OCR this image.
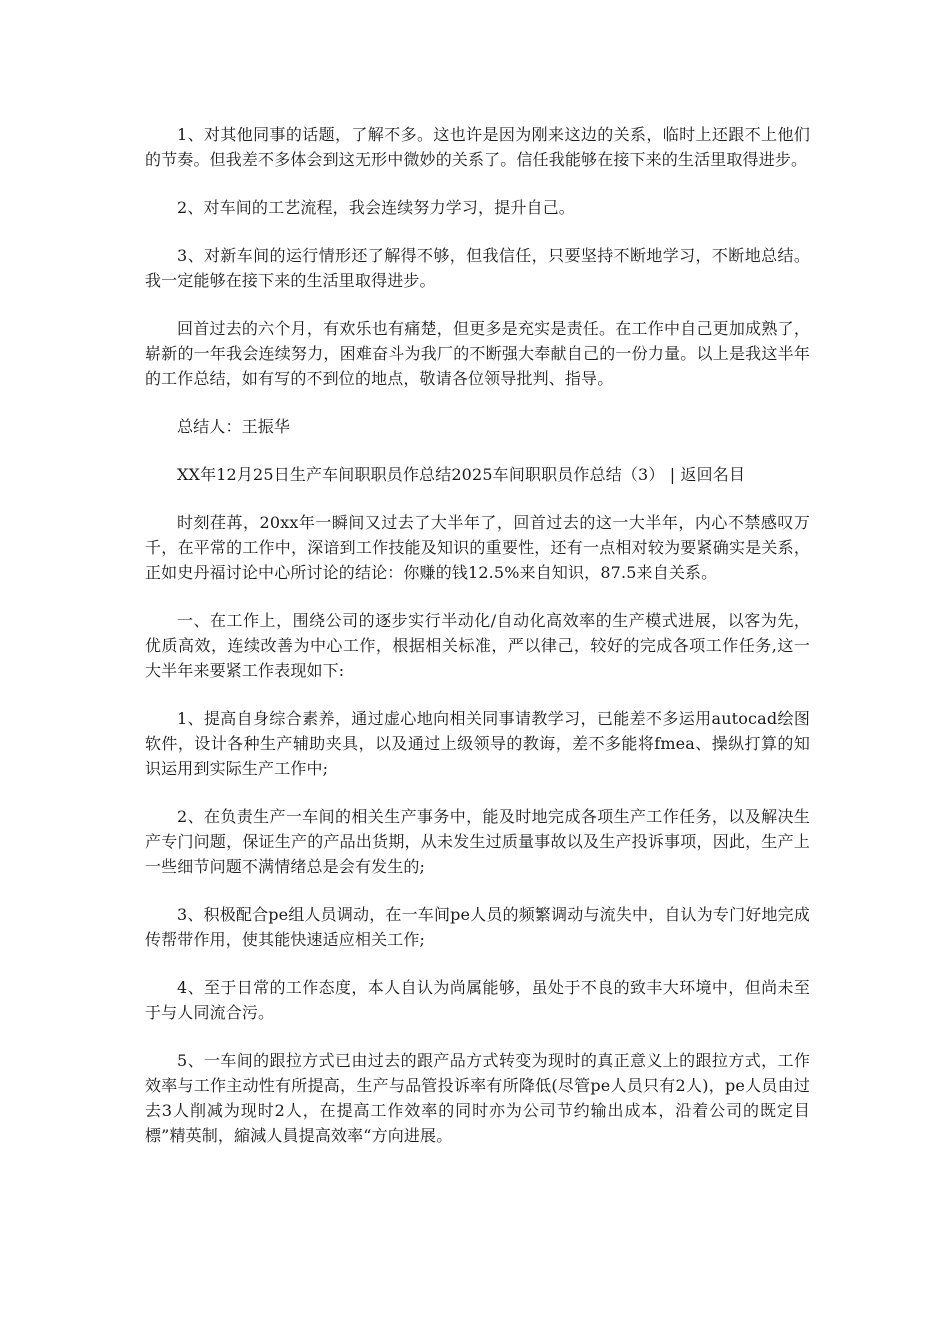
1、对其他同事的话题，了解不多。这也许是因为刚来这边的关系，临时上还跟不上他们的节奏。但我差不多体会到这无形中微妙的关系了。信任我能够在接下来的生活里取得进步。

2、对车间的工艺流程，我会连续努力学习，提升自己。

3、对新车间的运行情形还了解得不够，但我信任，只要坚持不断地学习，不断地总结。我一定能够在接下来的生活里取得进步。

回首过去的六个月，有欢乐也有痛楚，但更多是充实是责任。在工作中自己更加成熟了，崭新的一年我会连续努力，困难奋斗为我厂的不断强大奉献自己的一份力量。以上是我这半年的工作总结，如有写的不到位的地点，敬请各位领导批判、指导。

总结人：王振华

XX年12月25日生产车间职职员作总结2025车间职职员作总结（3） | 返回名目

时刻荏苒，20xx年一瞬间又过去了大半年了，回首过去的这一大半年，内心不禁感叹万千，在平常的工作中，深谙到工作技能及知识的重要性，还有一点相对较为要紧确实是关系，正如史丹福讨论中心所讨论的结论：你赚的钱12.5%来自知识，87.5来自关系。

一、在工作上，围绕公司的逐步实行半动化/自动化高效率的生产模式进展，以客为先，优质高效，连续改善为中心工作，根据相关标准，严以律己，较好的完成各项工作任务,这一大半年来要紧工作表现如下:

1、提高自身综合素养，通过虚心地向相关同事请教学习，已能差不多运用autocad绘图软件，设计各种生产辅助夹具，以及通过上级领导的教诲，差不多能将fmea、操纵打算的知识运用到实际生产工作中;

2、在负责生产一车间的相关生产事务中，能及时地完成各项生产工作任务，以及解决生产专门问题，保证生产的产品出货期，从未发生过质量事故以及生产投诉事项，因此，生产上一些细节问题不满情绪总是会有发生的;

3、积极配合pe组人员调动，在一车间pe人员的频繁调动与流失中，自认为专门好地完成传帮带作用，使其能快速适应相关工作;

4、至于日常的工作态度，本人自认为尚属能够，虽处于不良的致丰大环境中，但尚未至于与人同流合污。

5、一车间的跟拉方式已由过去的跟产品方式转变为现时的真正意义上的跟拉方式，工作效率与工作主动性有所提高，生产与品管投诉率有所降低(尽管pe人员只有2人)，pe人员由过去3人削减为现时2人，在提高工作效率的同时亦为公司节约输出成本，沿着公司的既定目標”精英制，縮減人員提高效率“方向进展。
